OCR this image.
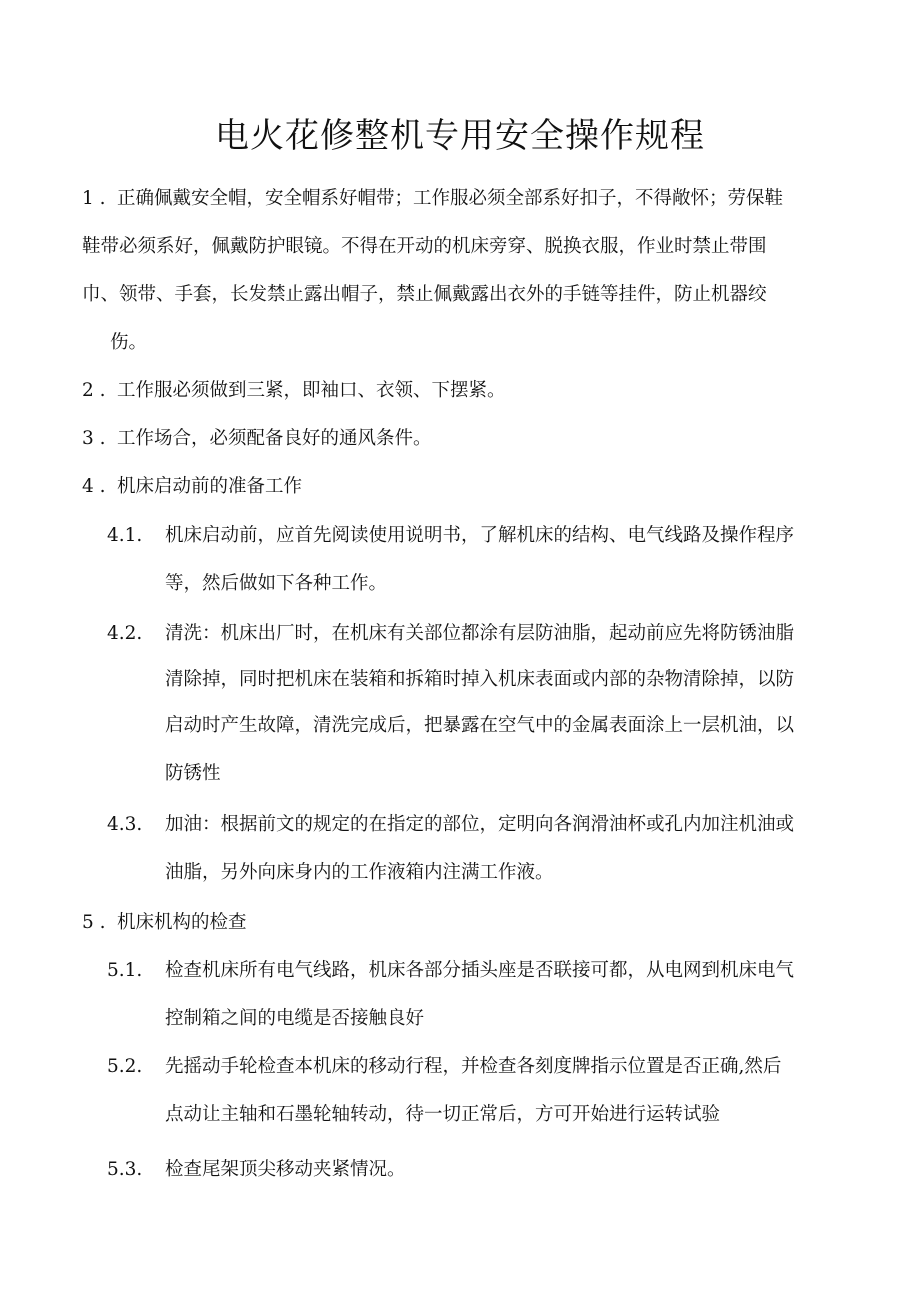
电火花修整机专用安全操作规程
1 . 正确佩戴安全帽，安全帽系好帽带；工作服必须全部系好扣子，不得敞怀；劳保鞋
鞋带必须系好，佩戴防护眼镜。不得在开动的机床旁穿、脱换衣服，作业时禁止带围
巾、领带、手套，长发禁止露出帽子，禁止佩戴露出衣外的手链等挂件，防止机器绞
伤。
2 . 工作服必须做到三紧，即袖口、衣领、下摆紧。
3 . 工作场合，必须配备良好的通风条件。
4 . 机床启动前的准备工作
4.1. 机床启动前，应首先阅读使用说明书，了解机床的结构、电气线路及操作程序
等，然后做如下各种工作。
4.2. 清洗：机床出厂时，在机床有关部位都涂有层防油脂，起动前应先将防锈油脂
清除掉，同时把机床在装箱和拆箱时掉入机床表面或内部的杂物清除掉，以防
启动时产生故障，清洗完成后，把暴露在空气中的金属表面涂上一层机油，以
防锈性
4.3. 加油：根据前文的规定的在指定的部位，定明向各润滑油杯或孔内加注机油或
油脂，另外向床身内的工作液箱内注满工作液。
5 . 机床机构的检查
5.1. 检查机床所有电气线路，机床各部分插头座是否联接可都，从电网到机床电气
控制箱之间的电缆是否接触良好
5.2. 先摇动手轮检查本机床的移动行程，并检查各刻度牌指示位置是否正确,然后
点动让主轴和石墨轮轴转动，待一切正常后，方可开始进行运转试验
5.3. 检查尾架顶尖移动夹紧情况。
